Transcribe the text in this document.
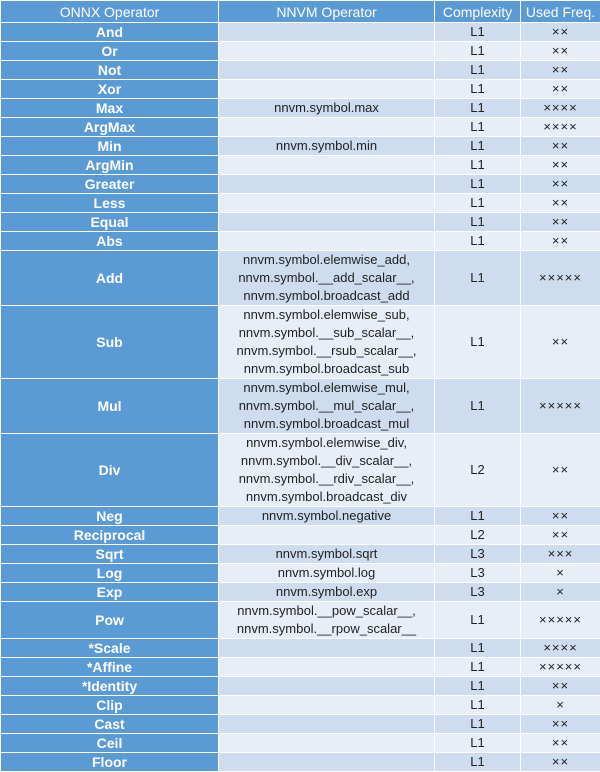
ONNX Operator	NNVM Operator	Complexity	Used Freq.
And		L1	××
Or		L1	××
Not		L1	××
Xor		L1	××
Max	nnvm.symbol.max	L1	××××
ArgMax		L1	××××
Min	nnvm.symbol.min	L1	××
ArgMin		L1	××
Greater		L1	××
Less		L1	××
Equal		L1	××
Abs		L1	××
Add	nnvm.symbol.elemwise_add,
nnvm.symbol.__add_scalar__,
nnvm.symbol.broadcast_add	L1	×××××
Sub	nnvm.symbol.elemwise_sub,
nnvm.symbol.__sub_scalar__,
nnvm.symbol.__rsub_scalar__,
nnvm.symbol.broadcast_sub	L1	××
Mul	nnvm.symbol.elemwise_mul,
nnvm.symbol.__mul_scalar__,
nnvm.symbol.broadcast_mul	L1	×××××
Div	nnvm.symbol.elemwise_div,
nnvm.symbol.__div_scalar__,
nnvm.symbol.__rdiv_scalar__,
nnvm.symbol.broadcast_div	L2	××
Neg	nnvm.symbol.negative	L1	××
Reciprocal		L2	××
Sqrt	nnvm.symbol.sqrt	L3	×××
Log	nnvm.symbol.log	L3	×
Exp	nnvm.symbol.exp	L3	×
Pow	nnvm.symbol.__pow_scalar__,
nnvm.symbol.__rpow_scalar__	L1	×××××
*Scale		L1	××××
*Affine		L1	×××××
*Identity		L1	××
Clip		L1	×
Cast		L1	××
Ceil		L1	××
Floor		L1	××
